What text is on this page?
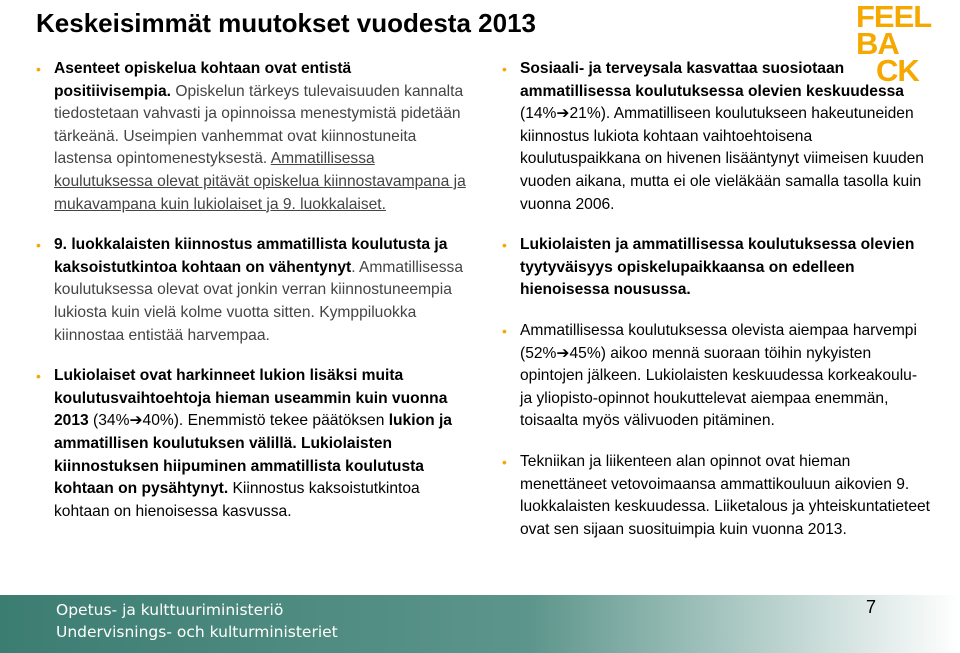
Keskeisimmät muutokset vuodesta 2013	FEEL
BA
CK
• Asenteet opiskelua kohtaan ovat entistä positiivisempia. Opiskelun tärkeys tulevaisuuden kannalta tiedostetaan vahvasti ja opinnoissa menestymistä pidetään tärkeänä. Useimpien vanhemmat ovat kiinnostuneita lastensa opintomenestyksestä. Ammatillisessa koulutuksessa olevat pitävät opiskelua kiinnostavampana ja mukavampana kuin lukiolaiset ja 9. luokkalaiset.
• 9. luokkalaisten kiinnostus ammatillista koulutusta ja kaksoistutkintoa kohtaan on vähentynyt. Ammatillisessa koulutuksessa olevat ovat jonkin verran kiinnostuneempia lukiosta kuin vielä kolme vuotta sitten. Kymppiluokka kiinnostaa entistää harvempaa.
• Lukiolaiset ovat harkinneet lukion lisäksi muita koulutusvaihtoehtoja hieman useammin kuin vuonna 2013 (34%➔40%). Enemmistö tekee päätöksen lukion ja ammatillisen koulutuksen välillä. Lukiolaisten kiinnostuksen hiipuminen ammatillista koulutusta kohtaan on pysähtynyt. Kiinnostus kaksoistutkintoa kohtaan on hienoisessa kasvussa.
• Sosiaali- ja terveysala kasvattaa suosiotaan ammatillisessa koulutuksessa olevien keskuudessa (14%➔21%). Ammatilliseen koulutukseen hakeutuneiden kiinnostus lukiota kohtaan vaihtoehtoisena koulutuspaikkana on hivenen lisääntynyt viimeisen kuuden vuoden aikana, mutta ei ole vieläkään samalla tasolla kuin vuonna 2006.
• Lukiolaisten ja ammatillisessa koulutuksessa olevien tyytyväisyys opiskelupaikkaansa on edelleen hienoisessa nousussa.
• Ammatillisessa koulutuksessa olevista aiempaa harvempi (52%➔45%) aikoo mennä suoraan töihin nykyisten opintojen jälkeen. Lukiolaisten keskuudessa korkeakoulu- ja yliopisto-opinnot houkuttelevat aiempaa enemmän, toisaalta myös välivuoden pitäminen.
• Tekniikan ja liikenteen alan opinnot ovat hieman menettäneet vetovoimaansa ammattikouluun aikovien 9. luokkalaisten keskuudessa. Liiketalous ja yhteiskuntatieteet ovat sen sijaan suosituimpia kuin vuonna 2013.
Opetus- ja kulttuuriministeriö
Undervisnings- och kulturministeriet
7
